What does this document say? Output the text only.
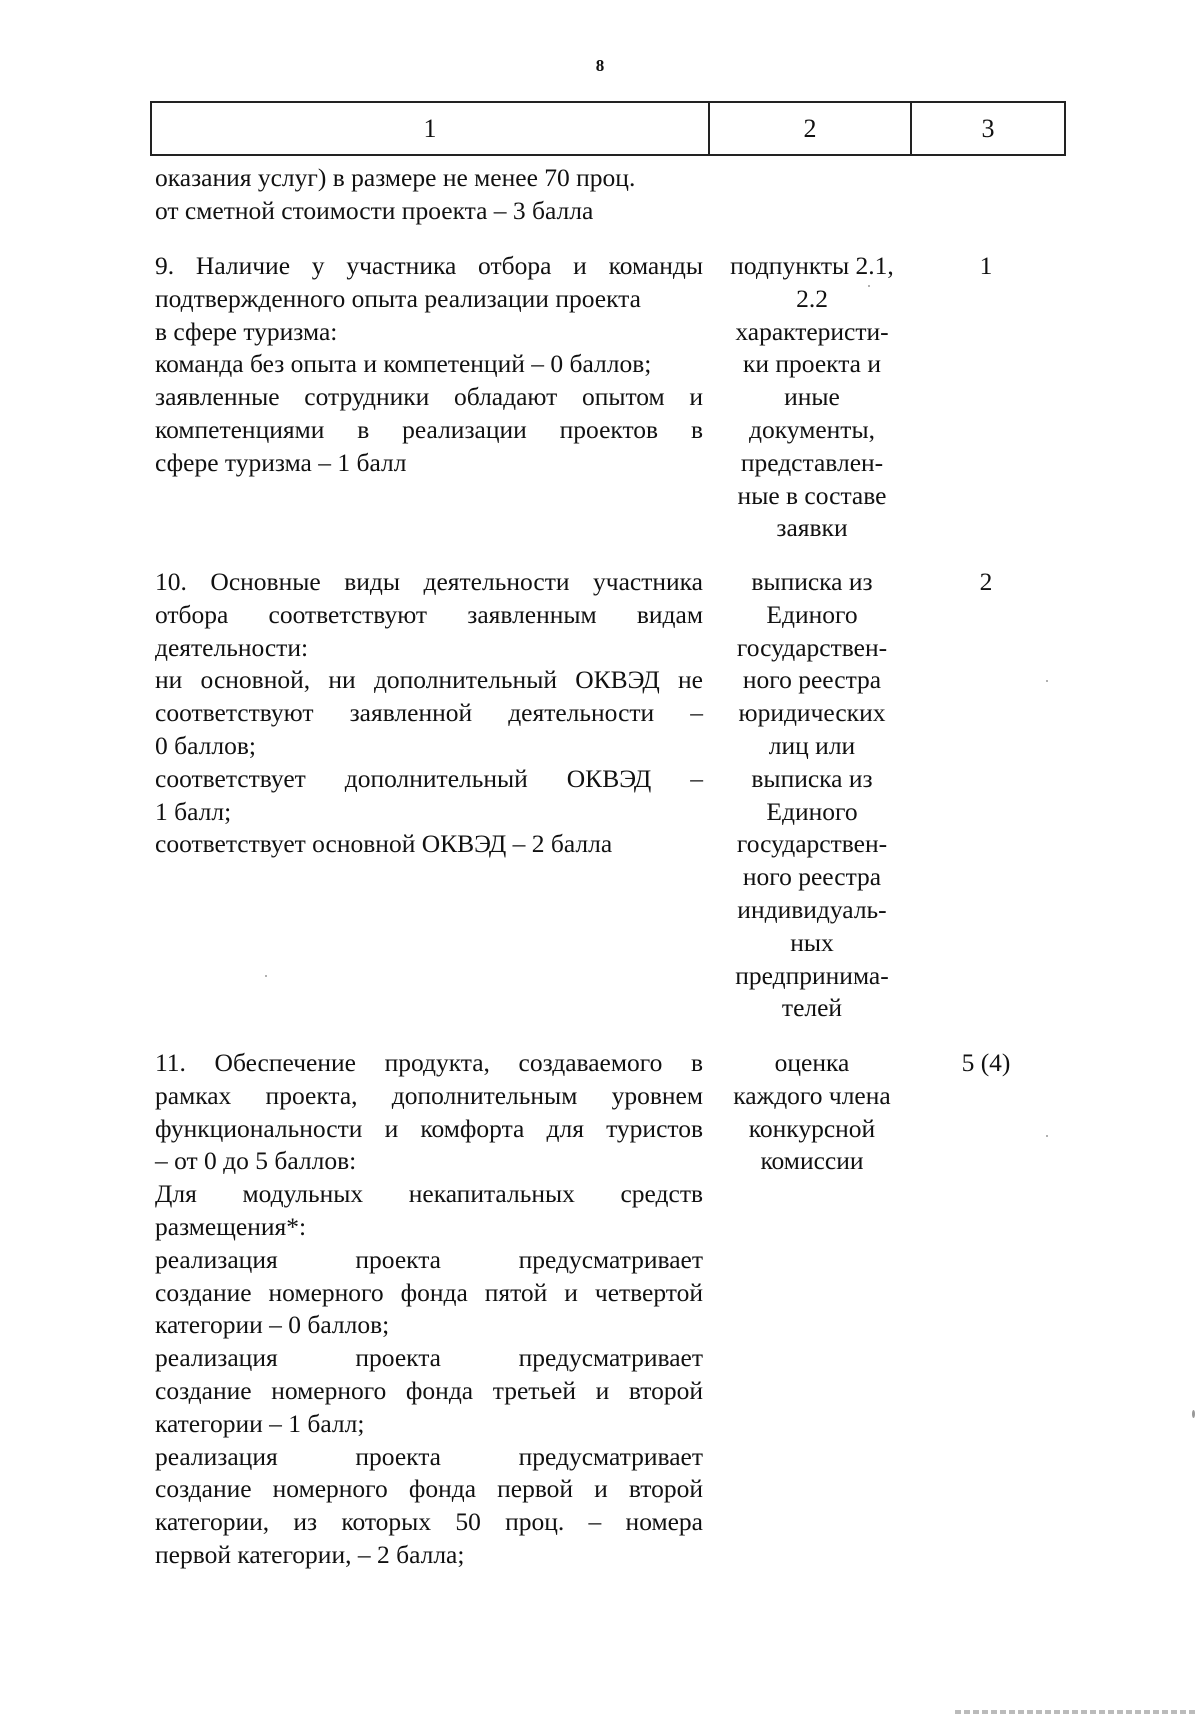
8
1	2	3
оказания услуг) в размере не менее 70 проц.
от сметной стоимости проекта – 3 балла
9. Наличие у участника отбора и команды
подтвержденного опыта реализации проекта
в сфере туризма:
команда без опыта и компетенций – 0 баллов;
заявленные сотрудники обладают опытом и
компетенциями в реализации проектов в
сфере туризма – 1 балл
подпункты 2.1,
2.2
характеристи-
ки проекта и
иные
документы,
представлен-
ные в составе
заявки
1
10. Основные виды деятельности участника
отбора соответствуют заявленным видам
деятельности:
ни основной, ни дополнительный ОКВЭД не
соответствуют заявленной деятельности –
0 баллов;
соответствует дополнительный ОКВЭД –
1 балл;
соответствует основной ОКВЭД – 2 балла
выписка из
Единого
государствен-
ного реестра
юридических
лиц или
выписка из
Единого
государствен-
ного реестра
индивидуаль-
ных
предпринима-
телей
2
11. Обеспечение продукта, создаваемого в
рамках проекта, дополнительным уровнем
функциональности и комфорта для туристов
– от 0 до 5 баллов:
Для модульных некапитальных средств
размещения*:
реализация проекта предусматривает
создание номерного фонда пятой и четвертой
категории – 0 баллов;
реализация проекта предусматривает
создание номерного фонда третьей и второй
категории – 1 балл;
реализация проекта предусматривает
создание номерного фонда первой и второй
категории, из которых 50 проц. – номера
первой категории, – 2 балла;
оценка
каждого члена
конкурсной
комиссии
5 (4)
